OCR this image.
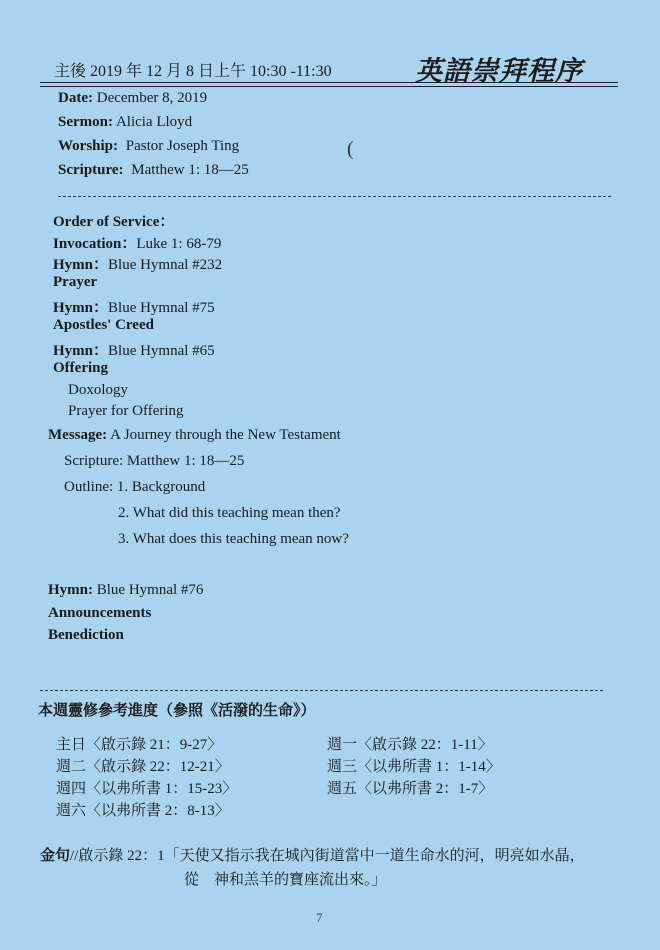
主後 2019 年 12 月 8 日上午 10:30 -11:30	英語崇拜程序
Date: December 8, 2019
Sermon: Alicia Lloyd
Worship: Pastor Joseph Ting	(
Scripture: Matthew 1: 18—25
Order of Service：
Invocation：Luke 1: 68-79
Hymn：Blue Hymnal #232
Prayer
Hymn：Blue Hymnal #75
Apostles' Creed
Hymn：Blue Hymnal #65
Offering
Doxology
Prayer for Offering
Message: A Journey through the New Testament
Scripture: Matthew 1: 18—25
Outline: 1. Background
2. What did this teaching mean then?
3. What does this teaching mean now?
Hymn: Blue Hymnal #76
Announcements
Benediction
本週靈修參考進度（參照《活潑的生命》）
主日〈啟示錄 21：9-27〉
週二〈啟示錄 22：12-21〉
週四〈以弗所書 1：15-23〉
週六〈以弗所書 2：8-13〉
週一〈啟示錄 22：1-11〉
週三〈以弗所書 1：1-14〉
週五〈以弗所書 2：1-7〉
金句//啟示錄 22：1「天使又指示我在城內街道當中一道生命水的河，明亮如水晶，
從　神和羔羊的寶座流出來。」
7
